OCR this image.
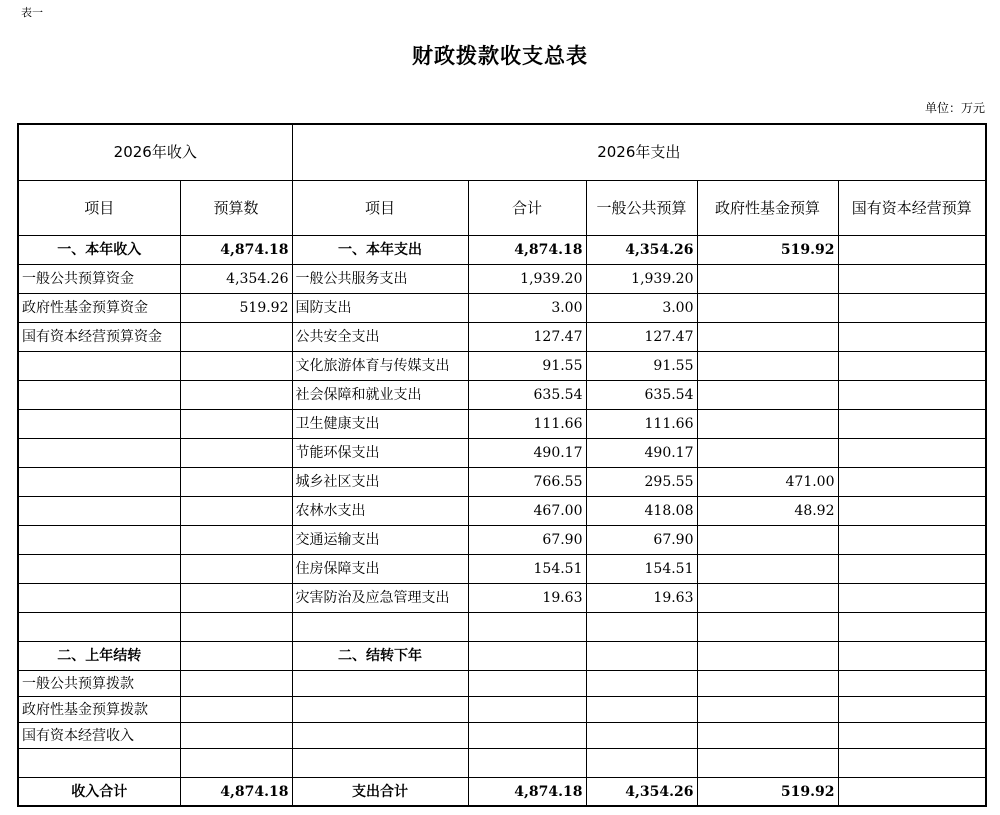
表一
财政拨款收支总表
单位：万元
2026年收入		2026年支出				
项目	预算数	项目	合计	一般公共预算	政府性基金预算	国有资本经营预算
一、本年收入	4,874.18	一、本年支出	4,874.18	4,354.26	519.92	
一般公共预算资金	4,354.26	一般公共服务支出	1,939.20	1,939.20		
政府性基金预算资金	519.92	国防支出	3.00	3.00		
国有资本经营预算资金		公共安全支出	127.47	127.47		
		文化旅游体育与传媒支出	91.55	91.55		
		社会保障和就业支出	635.54	635.54		
		卫生健康支出	111.66	111.66		
		节能环保支出	490.17	490.17		
		城乡社区支出	766.55	295.55	471.00	
		农林水支出	467.00	418.08	48.92	
		交通运输支出	67.90	67.90		
		住房保障支出	154.51	154.51		
		灾害防治及应急管理支出	19.63	19.63		

二、上年结转		二、结转下年				
一般公共预算拨款						
政府性基金预算拨款						
国有资本经营收入						

收入合计	4,874.18	支出合计	4,874.18	4,354.26	519.92	
